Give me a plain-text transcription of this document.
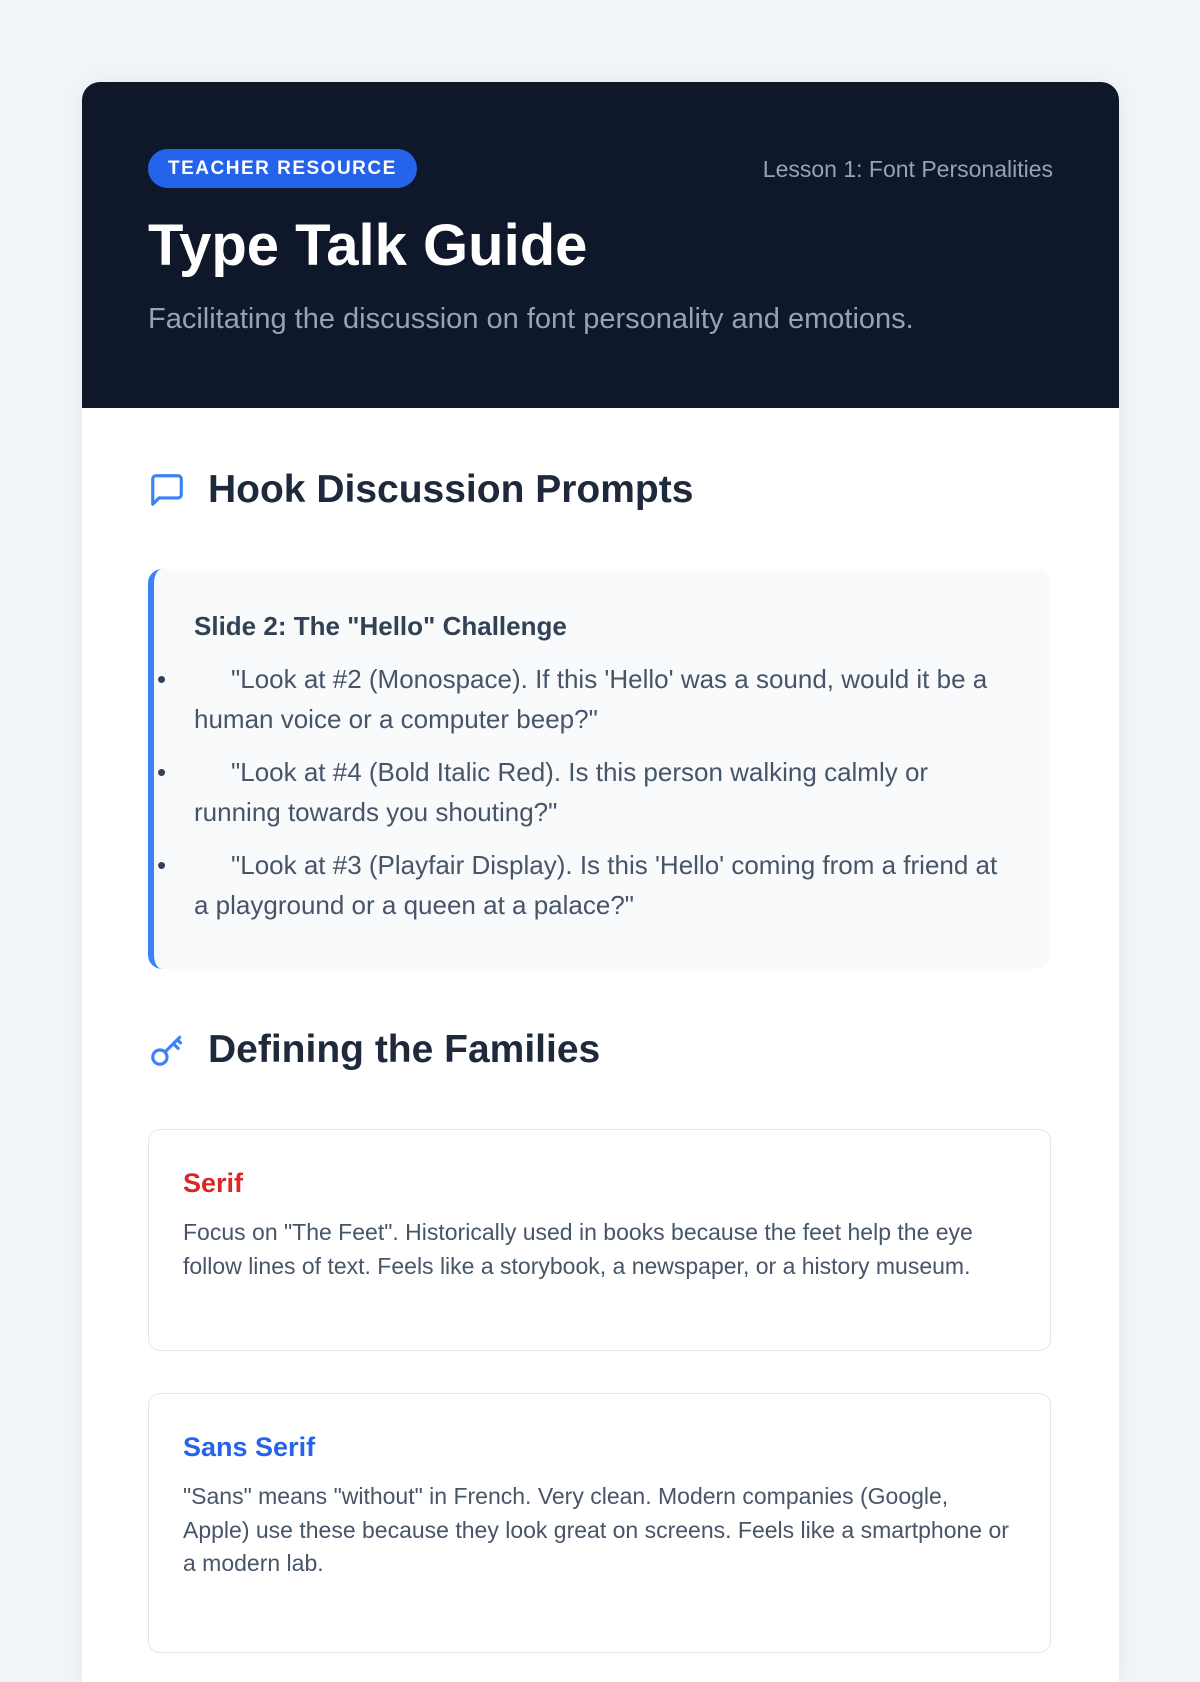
TEACHER RESOURCE	Lesson 1: Font Personalities
Type Talk Guide

Facilitating the discussion on font personality and emotions.

Hook Discussion Prompts

Slide 2: The "Hello" Challenge

•	"Look at #2 (Monospace). If this 'Hello' was a sound, would it be a human voice or a computer beep?"
•	"Look at #4 (Bold Italic Red). Is this person walking calmly or running towards you shouting?"
•	"Look at #3 (Playfair Display). Is this 'Hello' coming from a friend at a playground or a queen at a palace?"
Defining the Families

Serif

Focus on "The Feet". Historically used in books because the feet help the eye follow lines of text. Feels like a storybook, a newspaper, or a history museum.

Sans Serif

"Sans" means "without" in French. Very clean. Modern companies (Google, Apple) use these because they look great on screens. Feels like a smartphone or a modern lab.
